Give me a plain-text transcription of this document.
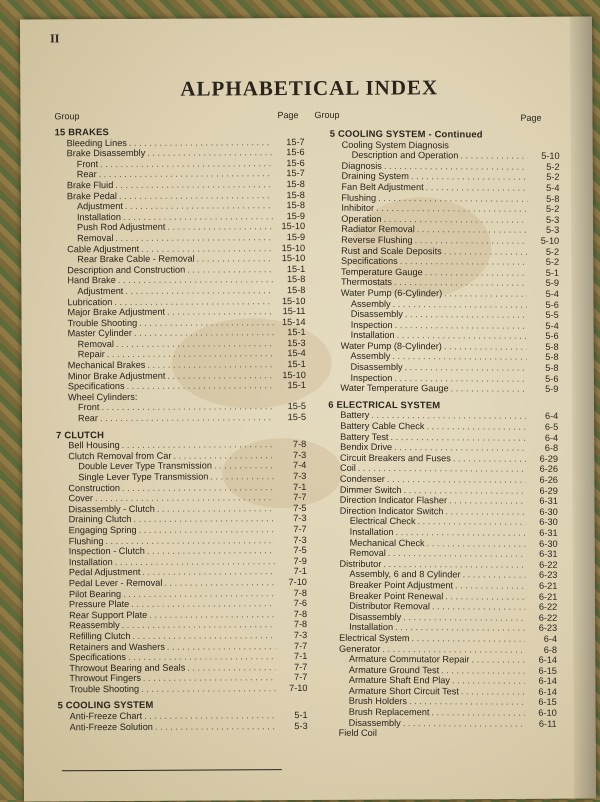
II
ALPHABETICAL INDEX
Group	Page Group	Page
15 BRAKES
Bleeding Lines . . .	15-7
Brake Disassembly . . .	15-6
Front . . .	15-6
Rear . . .	15-7
Brake Fluid . . .	15-8
Brake Pedal . . .	15-8
Adjustment . . .	15-8
Installation . . .	15-9
Push Rod Adjustment . . .	15-10
Removal . . .	15-9
Cable Adjustment . . .	15-10
Rear Brake Cable - Removal . . .	15-10
Description and Construction . . .	15-1
Hand Brake . . .	15-8
Adjustment . . .	15-8
Lubrication . . .	15-10
Major Brake Adjustment . . .	15-11
Trouble Shooting . . .	15-14
Master Cylinder . . .	15-1
Removal . . .	15-3
Repair . . .	15-4
Mechanical Brakes . . .	15-1
Minor Brake Adjustment . . .	15-10
Specifications . . .	15-1
Wheel Cylinders:
Front . . .	15-5
Rear . . .	15-5
7 CLUTCH
Bell Housing . . .	7-8
Clutch Removal from Car . . .	7-3
Double Lever Type Transmission . . .	7-4
Single Lever Type Transmission . . .	7-3
Construction . . .	7-1
Cover . . .	7-7
Disassembly - Clutch . . .	7-5
Draining Clutch . . .	7-3
Engaging Spring . . .	7-7
Flushing . . .	7-3
Inspection - Clutch . . .	7-5
Installation . . .	7-9
Pedal Adjustment . . .	7-1
Pedal Lever - Removal . . .	7-10
Pilot Bearing . . .	7-8
Pressure Plate . . .	7-6
Rear Support Plate . . .	7-8
Reassembly . . .	7-8
Refilling Clutch . . .	7-3
Retainers and Washers . . .	7-7
Specifications . . .	7-1
Throwout Bearing and Seals . . .	7-7
Throwout Fingers . . .	7-7
Trouble Shooting . . .	7-10
5 COOLING SYSTEM
Anti-Freeze Chart . . .	5-1
Anti-Freeze Solution . . .	5-3
5 COOLING SYSTEM - Continued
Cooling System Diagnosis
Description and Operation . . .	5-10
Diagnosis . . .	5-2
Draining System . . .	5-2
Fan Belt Adjustment . . .	5-4
Flushing . . .	5-8
Inhibitor . . .	5-2
Operation . . .	5-3
Radiator Removal . . .	5-3
Reverse Flushing . . .	5-10
Rust and Scale Deposits . . .	5-2
Specifications . . .	5-2
Temperature Gauge . . .	5-1
Thermostats . . .	5-9
Water Pump (6-Cylinder) . . .	5-4
Assembly . . .	5-6
Disassembly . . .	5-5
Inspection . . .	5-4
Installation . . .	5-6
Water Pump (8-Cylinder) . . .	5-8
Assembly . . .	5-8
Disassembly . . .	5-8
Inspection . . .	5-6
Water Temperature Gauge . . .	5-9
6 ELECTRICAL SYSTEM
Battery . . .	6-4
Battery Cable Check . . .	6-5
Battery Test . . .	6-4
Bendix Drive . . .	6-8
Circuit Breakers and Fuses . . .	6-29
Coil . . .	6-26
Condenser . . .	6-26
Dimmer Switch . . .	6-29
Direction Indicator Flasher . . .	6-31
Direction Indicator Switch . . .	6-30
Electrical Check . . .	6-30
Installation . . .	6-31
Mechanical Check . . .	6-30
Removal . . .	6-31
Distributor . . .	6-22
Assembly, 6 and 8 Cylinder . . .	6-23
Breaker Point Adjustment . . .	6-21
Breaker Point Renewal . . .	6-21
Distributor Removal . . .	6-22
Disassembly . . .	6-22
Installation . . .	6-23
Electrical System . . .	6-4
Generator . . .	6-8
Armature Commutator Repair . . .	6-14
Armature Ground Test . . .	6-15
Armature Shaft End Play . . .	6-14
Armature Short Circuit Test . . .	6-14
Brush Holders . . .	6-15
Brush Replacement . . .	6-10
Disassembly . . .	6-11
Field Coil
